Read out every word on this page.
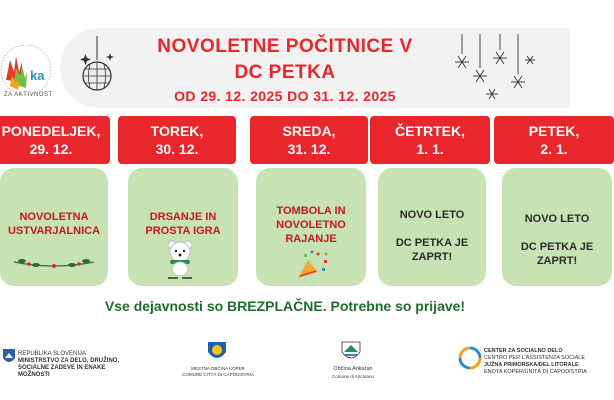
NOVOLETNE POČITNICE V
DC PETKA
OD 29. 12. 2025 DO 31. 12. 2025
ka
ZA AKTIVNOST
PONEDELJEK,
29. 12.
NOVOLETNA
USTVARJALNICA
TOREK,
30. 12.
DRSANJE IN
PROSTA IGRA
SREDA,
31. 12.
TOMBOLA IN
NOVOLETNO
RAJANJE
ČETRTEK,
1. 1.
NOVO LETO
DC PETKA JE
ZAPRT!
PETEK,
2. 1.
NOVO LETO
DC PETKA JE
ZAPRT!
Vse dejavnosti so BREZPLAČNE. Potrebne so prijave!
REPUBLIKA SLOVENIJA
MINISTRSTVO ZA DELO, DRUŽINO,
SOCIALNE ZADEVE IN ENAKE MOŽNOSTI
MESTNA OBČINA KOPER
COMUNE CITTÀ DI CAPODISTRIA
Občina Ankaran
Comune di Ancarano
CENTER ZA SOCIALNO DELO
CENTRO PER L'ASSISTENZA SOCIALE
JUŽNA PRIMORSKA/DEL LITORALE
ENOTA KOPER/UNITÀ DI CAPODISTRIA
